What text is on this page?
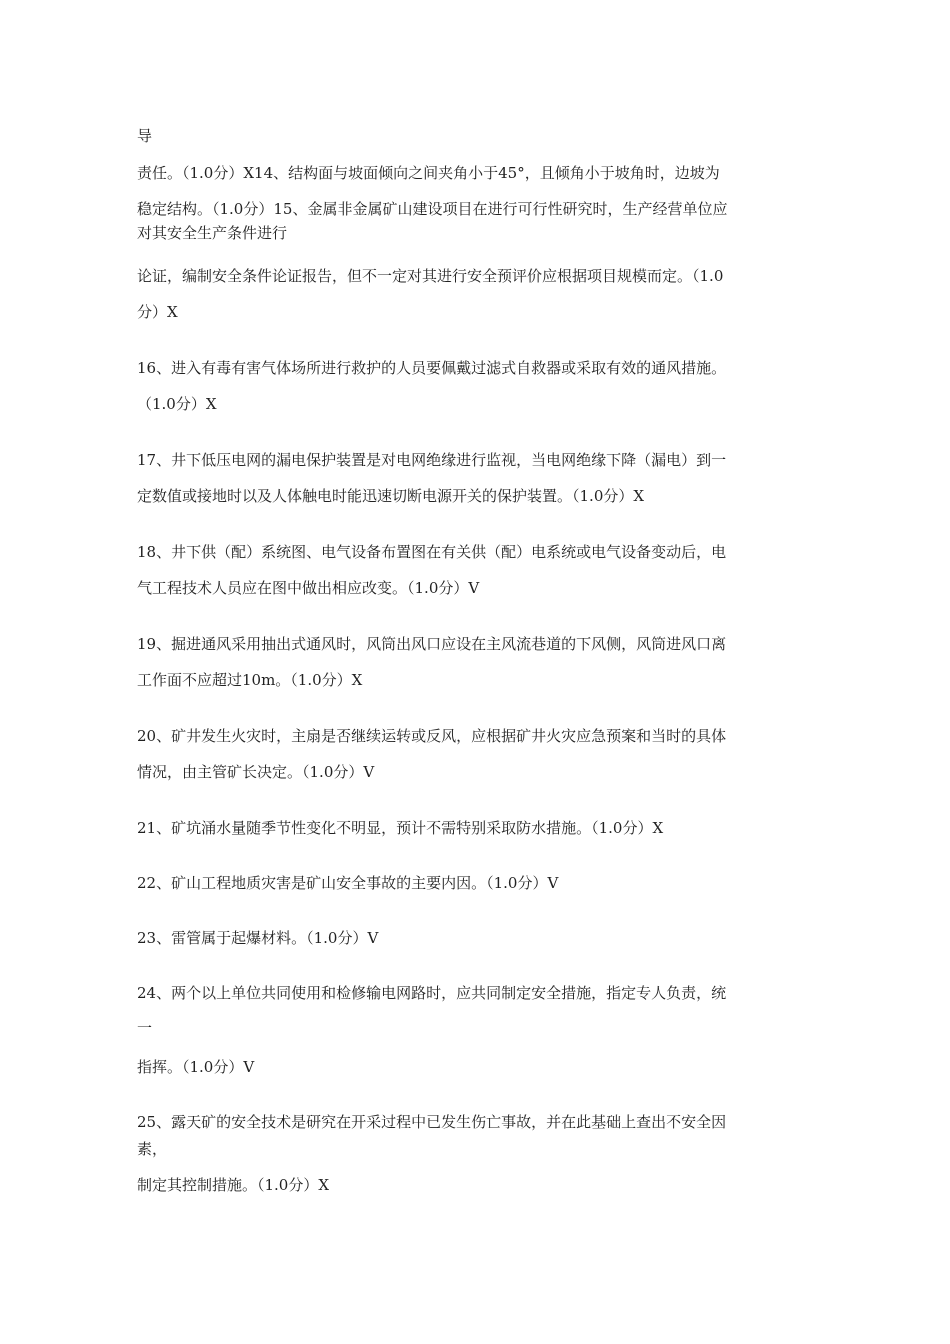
导

责任。（1.0分）X14、结构面与坡面倾向之间夹角小于45°，且倾角小于坡角时，边坡为

稳定结构。（1.0分）15、金属非金属矿山建设项目在进行可行性研究时，生产经营单位应

对其安全生产条件进行

论证，编制安全条件论证报告，但不一定对其进行安全预评价应根据项目规模而定。（1.0

分）X

16、进入有毒有害气体场所进行救护的人员要佩戴过滤式自救器或采取有效的通风措施。

（1.0分）X

17、井下低压电网的漏电保护装置是对电网绝缘进行监视，当电网绝缘下降（漏电）到一

定数值或接地时以及人体触电时能迅速切断电源开关的保护装置。（1.0分）X

18、井下供（配）系统图、电气设备布置图在有关供（配）电系统或电气设备变动后，电

气工程技术人员应在图中做出相应改变。（1.0分）V

19、掘进通风采用抽出式通风时，风筒出风口应设在主风流巷道的下风侧，风筒进风口离

工作面不应超过10m。（1.0分）X

20、矿井发生火灾时，主扇是否继续运转或反风，应根据矿井火灾应急预案和当时的具体

情况，由主管矿长决定。（1.0分）V

21、矿坑涌水量随季节性变化不明显，预计不需特别采取防水措施。（1.0分）X

22、矿山工程地质灾害是矿山安全事故的主要内因。（1.0分）V

23、雷管属于起爆材料。（1.0分）V

24、两个以上单位共同使用和检修输电网路时，应共同制定安全措施，指定专人负责，统

一

指挥。（1.0分）V

25、露天矿的安全技术是研究在开采过程中已发生伤亡事故，并在此基础上查出不安全因

素，

制定其控制措施。（1.0分）X
